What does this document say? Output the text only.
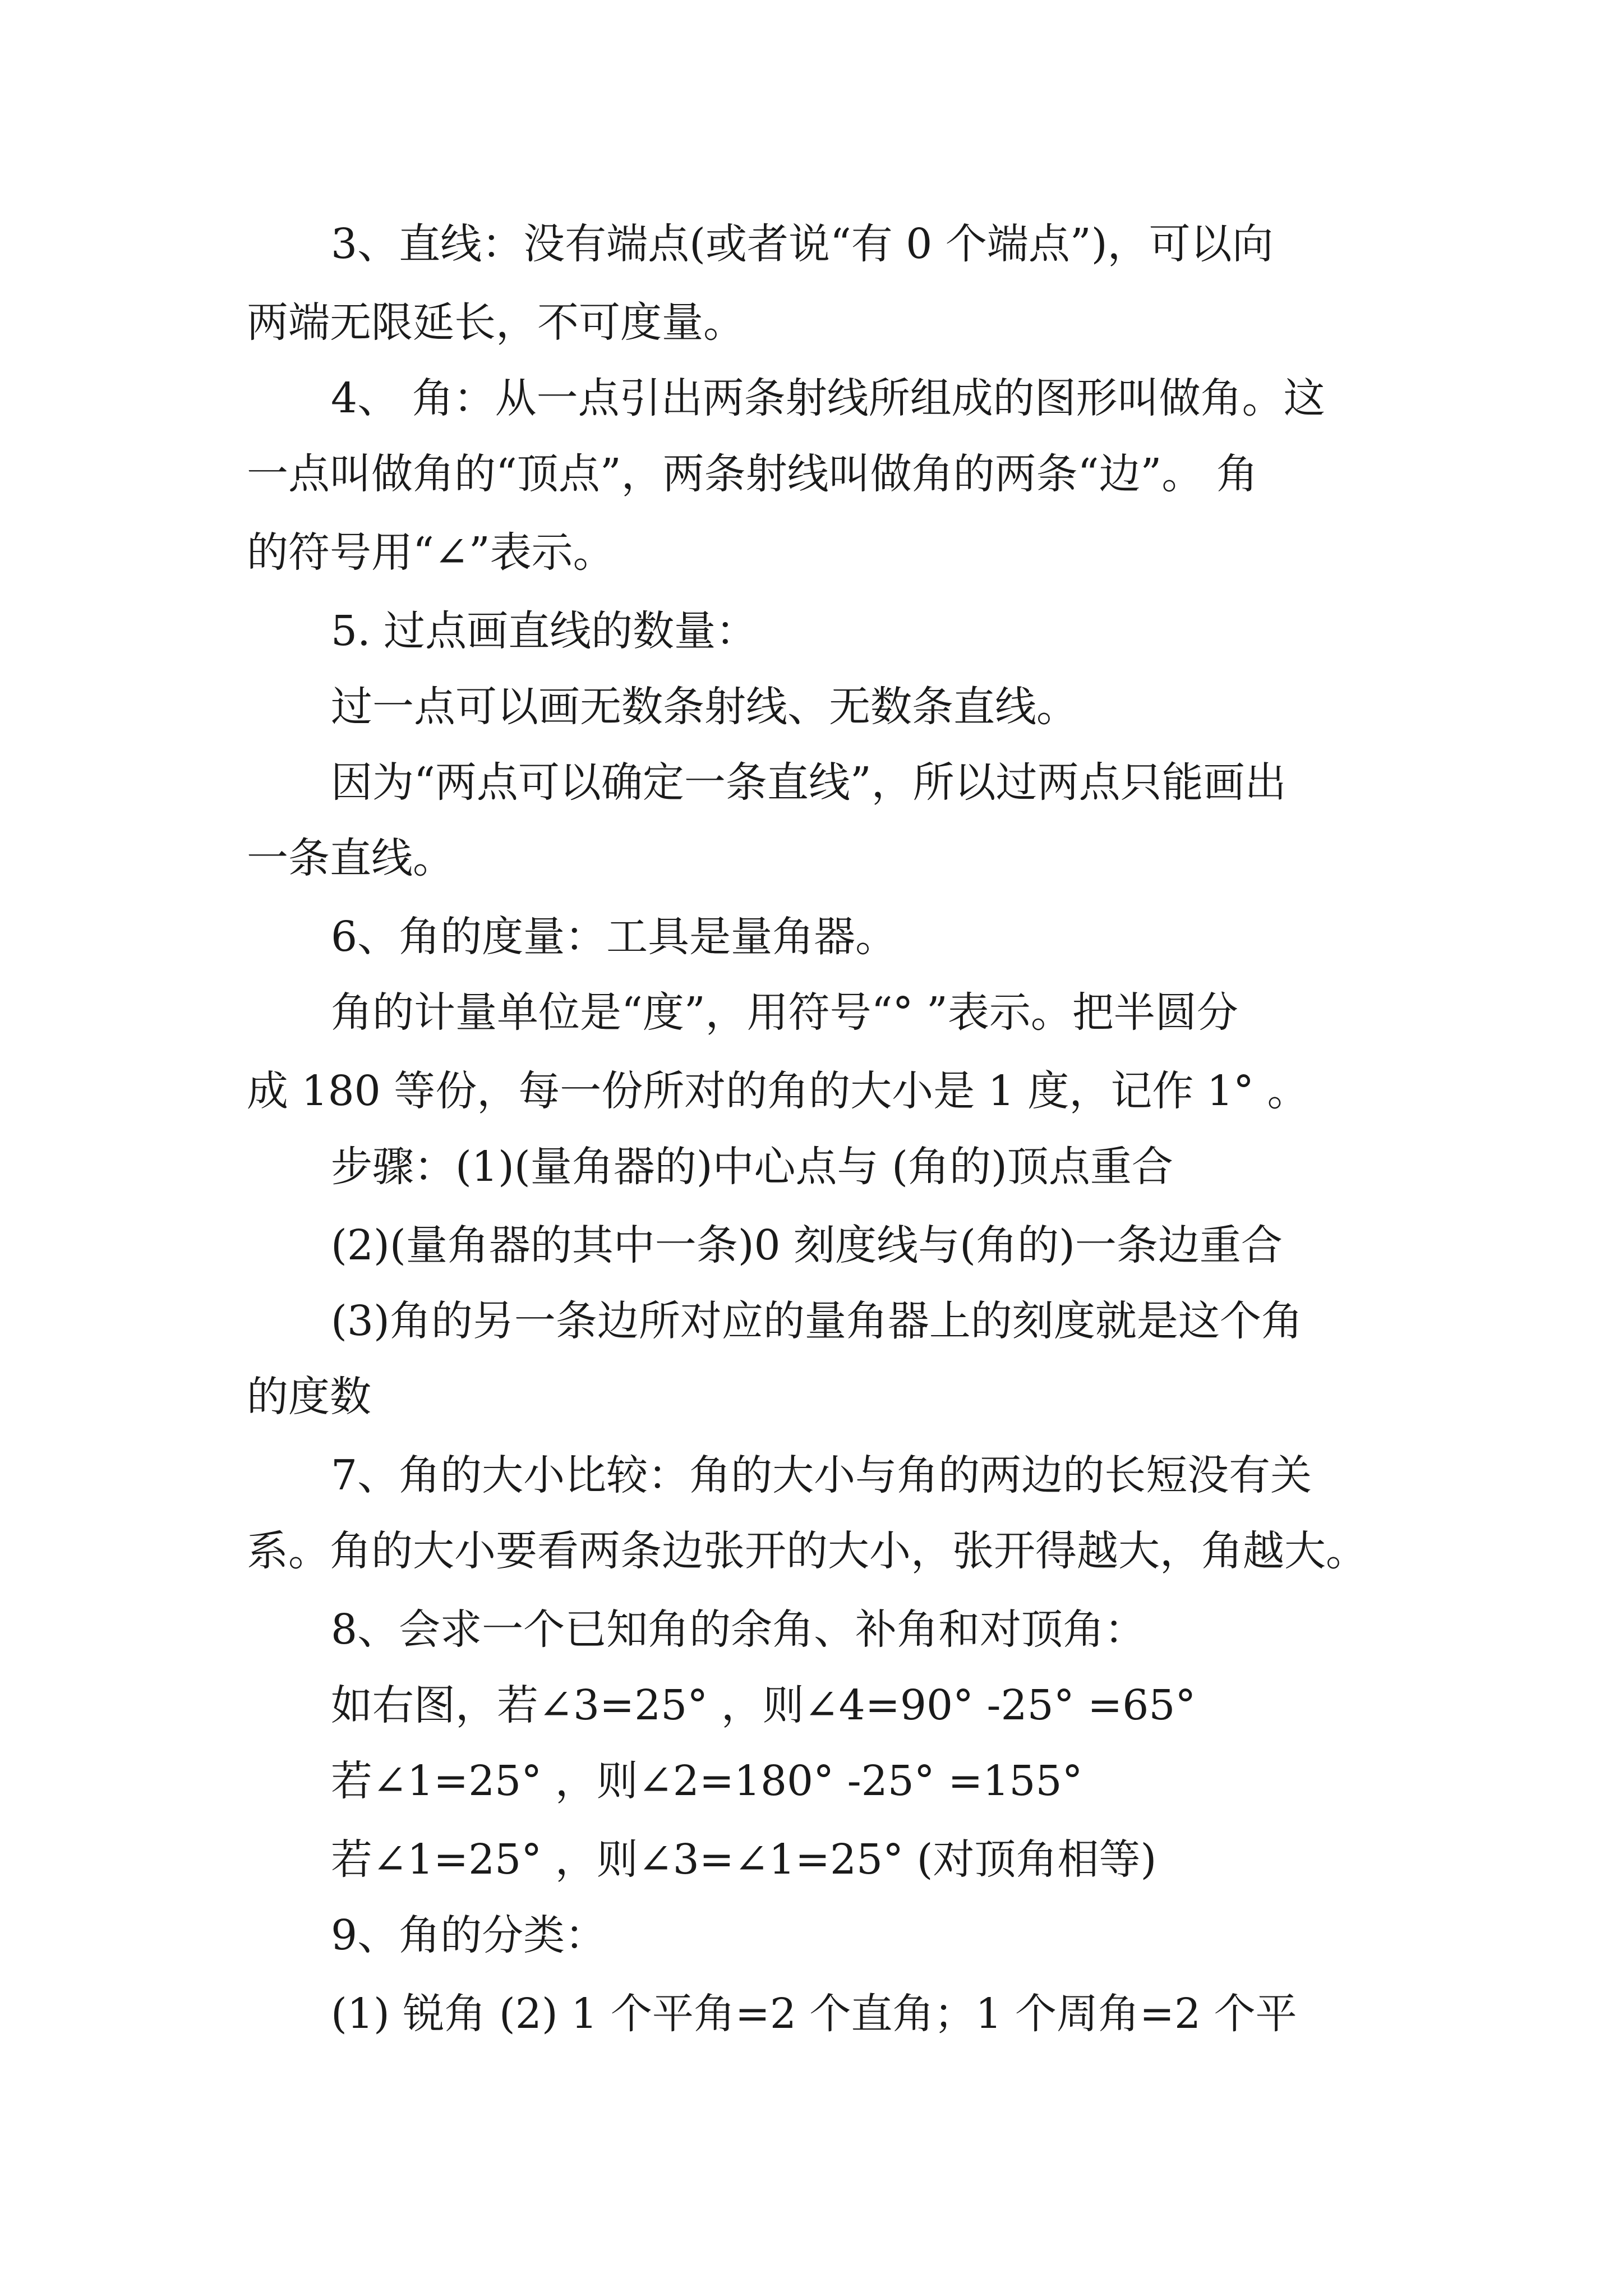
3、直线：没有端点(或者说“有 0 个端点”)，可以向
两端无限延长，不可度量。
4、 角：从一点引出两条射线所组成的图形叫做角。这
一点叫做角的“顶点”，两条射线叫做角的两条“边”。 角
的符号用“∠”表示。
5. 过点画直线的数量：
过一点可以画无数条射线、无数条直线。
因为“两点可以确定一条直线”，所以过两点只能画出
一条直线。
6、角的度量：工具是量角器。
角的计量单位是“度”，用符号“° ”表示。把半圆分
成 180 等份，每一份所对的角的大小是 1 度，记作 1° 。
步骤：(1)(量角器的)中心点与 (角的)顶点重合
(2)(量角器的其中一条)0 刻度线与(角的)一条边重合
(3)角的另一条边所对应的量角器上的刻度就是这个角
的度数
7、角的大小比较：角的大小与角的两边的长短没有关
系。角的大小要看两条边张开的大小，张开得越大，角越大。
8、会求一个已知角的余角、补角和对顶角：
如右图，若∠3=25° ，则∠4=90° -25° =65°
若∠1=25° ，则∠2=180° -25° =155°
若∠1=25° ，则∠3=∠1=25° (对顶角相等)
9、角的分类：
(1) 锐角 (2) 1 个平角=2 个直角；1 个周角=2 个平
